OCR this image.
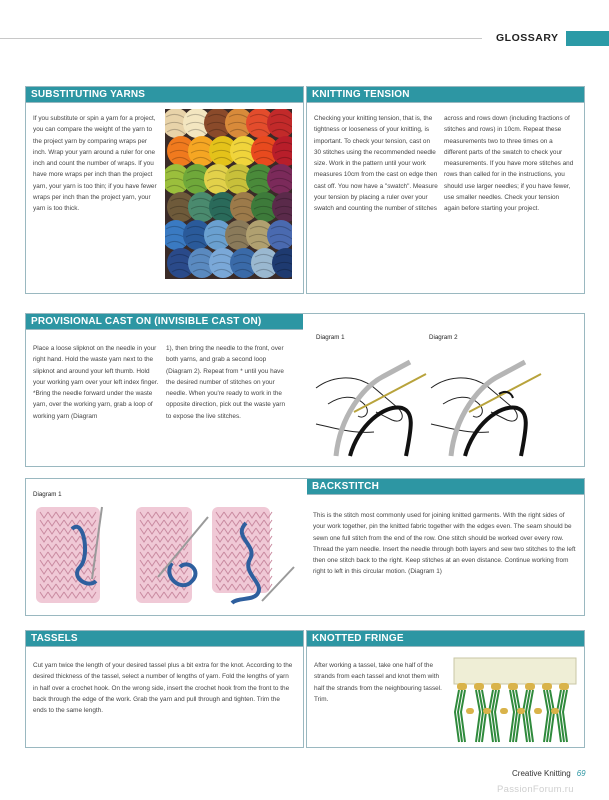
GLOSSARY
SUBSTITUTING YARNS
If you substitute or spin a yarn for a project, you can compare the weight of the yarn to the project yarn by comparing wraps per inch. Wrap your yarn around a ruler for one inch and count the number of wraps. If you have more wraps per inch than the project yarn, your yarn is too thin; if you have fewer wraps per inch than the project yarn, your yarn is too thick.
KNITTING TENSION
Checking your knitting tension, that is, the tightness or looseness of your knitting, is important. To check your tension, cast on 30 stitches using the recommended needle size. Work in the pattern until your work measures 10cm from the cast on edge then cast off. You now have a "swatch". Measure your tension by placing a ruler over your swatch and counting the number of stitches
across and rows down (including fractions of stitches and rows) in 10cm. Repeat these measurements two to three times on a different parts of the swatch to check your measurements. If you have more stitches and rows than called for in the instructions, you should use larger needles; if you have fewer, use smaller needles. Check your tension again before starting your project.
PROVISIONAL CAST ON (INVISIBLE CAST ON)
Place a loose slipknot on the needle in your right hand. Hold the waste yarn next to the slipknot and around your left thumb. Hold your working yarn over your left index finger. *Bring the needle forward under the waste yarn, over the working yarn, grab a loop of working yarn (Diagram
1), then bring the needle to the front, over both yarns, and grab a second loop (Diagram 2). Repeat from * until you have the desired number of stitches on your needle. When you're ready to work in the opposite direction, pick out the waste yarn to expose the live stitches.
Diagram 1	Diagram 2
BACKSTITCH
Diagram 1
This is the stitch most commonly used for joining knitted garments. With the right sides of your work together, pin the knitted fabric together with the edges even. The seam should be sewn one full stitch from the end of the row. One stitch should be worked over every row. Thread the yarn needle. Insert the needle through both layers and sew two stitches to the left then one stitch back to the right. Keep stitches at an even distance. Continue working from right to left in this circular motion. (Diagram 1)
TASSELS
Cut yarn twice the length of your desired tassel plus a bit extra for the knot. According to the desired thickness of the tassel, select a number of lengths of yarn. Fold the lengths of yarn in half over a crochet hook. On the wrong side, insert the crochet hook from the front to the back through the edge of the work. Grab the yarn and pull through and tighten. Trim the ends to the same length.
KNOTTED FRINGE
After working a tassel, take one half of the strands from each tassel and knot them with half the strands from the neighbouring tassel. Trim.
Creative Knitting 69
PassionForum.ru
